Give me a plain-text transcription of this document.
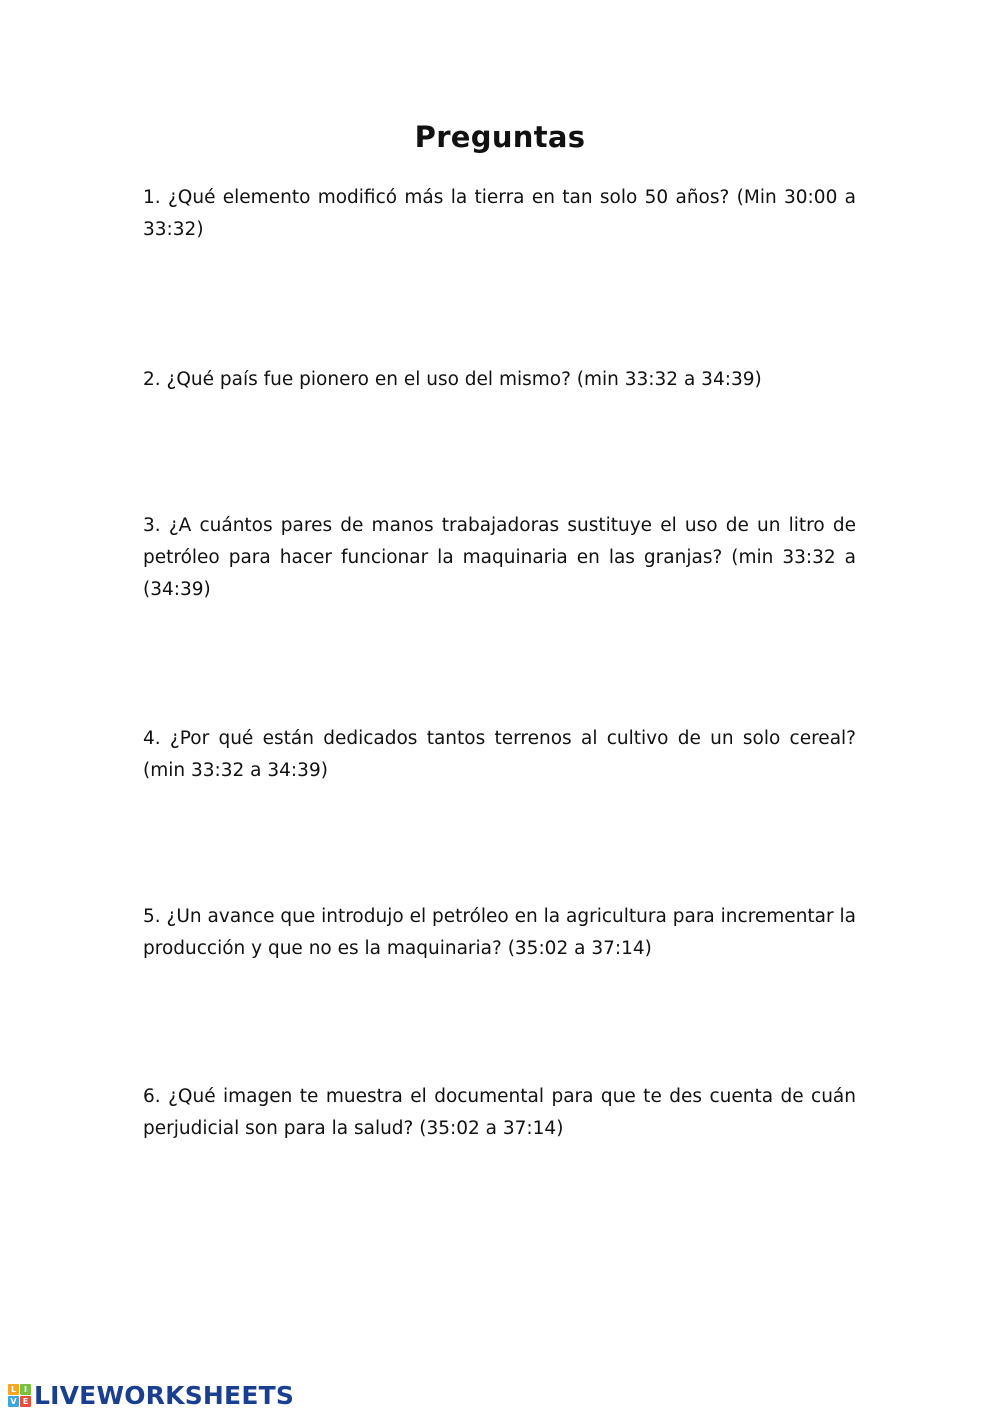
Preguntas

1. ¿Qué elemento modificó más la tierra en tan solo 50 años? (Min 30:00 a 33:32)

2. ¿Qué país fue pionero en el uso del mismo? (min 33:32 a 34:39)

3. ¿A cuántos pares de manos trabajadoras sustituye el uso de un litro de petróleo para hacer funcionar la maquinaria en las granjas? (min 33:32 a (34:39)

4. ¿Por qué están dedicados tantos terrenos al cultivo de un solo cereal? (min 33:32 a 34:39)

5. ¿Un avance que introdujo el petróleo en la agricultura para incrementar la producción y que no es la maquinaria? (35:02 a 37:14)

6. ¿Qué imagen te muestra el documental para que te des cuenta de cuán perjudicial son para la salud? (35:02 a 37:14)

L I
V E LIVEWORKSHEETS
